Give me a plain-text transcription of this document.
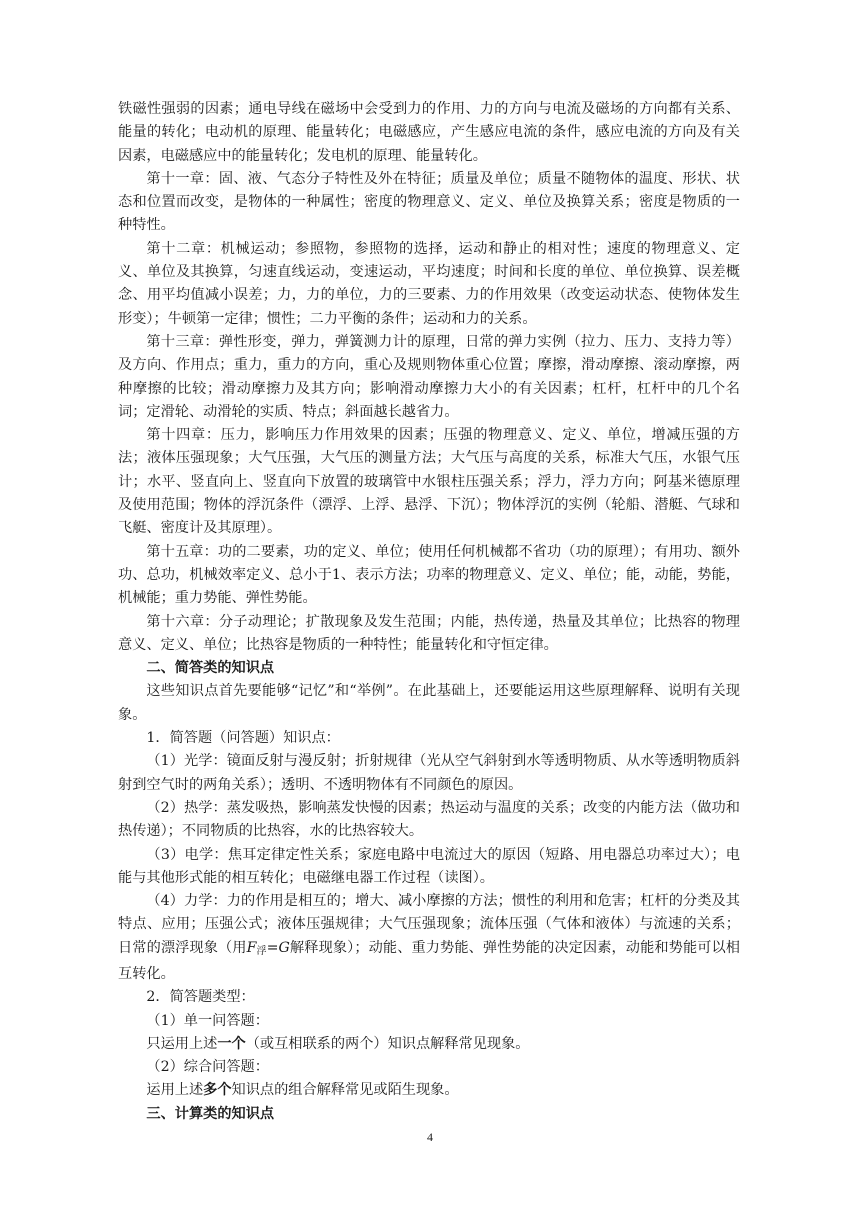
铁磁性强弱的因素；通电导线在磁场中会受到力的作用、力的方向与电流及磁场的方向都有关系、能量的转化；电动机的原理、能量转化；电磁感应，产生感应电流的条件，感应电流的方向及有关因素，电磁感应中的能量转化；发电机的原理、能量转化。

第十一章：固、液、气态分子特性及外在特征；质量及单位；质量不随物体的温度、形状、状态和位置而改变，是物体的一种属性；密度的物理意义、定义、单位及换算关系；密度是物质的一种特性。

第十二章：机械运动；参照物，参照物的选择，运动和静止的相对性；速度的物理意义、定义、单位及其换算，匀速直线运动，变速运动，平均速度；时间和长度的单位、单位换算、误差概念、用平均值减小误差；力，力的单位，力的三要素、力的作用效果（改变运动状态、使物体发生形变）；牛顿第一定律；惯性；二力平衡的条件；运动和力的关系。

第十三章：弹性形变，弹力，弹簧测力计的原理，日常的弹力实例（拉力、压力、支持力等）及方向、作用点；重力，重力的方向，重心及规则物体重心位置；摩擦，滑动摩擦、滚动摩擦，两种摩擦的比较；滑动摩擦力及其方向；影响滑动摩擦力大小的有关因素；杠杆，杠杆中的几个名词；定滑轮、动滑轮的实质、特点；斜面越长越省力。

第十四章：压力，影响压力作用效果的因素；压强的物理意义、定义、单位，增减压强的方法；液体压强现象；大气压强，大气压的测量方法；大气压与高度的关系，标准大气压，水银气压计；水平、竖直向上、竖直向下放置的玻璃管中水银柱压强关系；浮力，浮力方向；阿基米德原理及使用范围；物体的浮沉条件（漂浮、上浮、悬浮、下沉）；物体浮沉的实例（轮船、潜艇、气球和飞艇、密度计及其原理）。

第十五章：功的二要素，功的定义、单位；使用任何机械都不省功（功的原理）；有用功、额外功、总功，机械效率定义、总小于1、表示方法；功率的物理意义、定义、单位；能，动能，势能，机械能；重力势能、弹性势能。

第十六章：分子动理论；扩散现象及发生范围；内能，热传递，热量及其单位；比热容的物理意义、定义、单位；比热容是物质的一种特性；能量转化和守恒定律。

二、简答类的知识点

这些知识点首先要能够“记忆”和“举例”。在此基础上，还要能运用这些原理解释、说明有关现象。

1．简答题（问答题）知识点：

（1）光学：镜面反射与漫反射；折射规律（光从空气斜射到水等透明物质、从水等透明物质斜射到空气时的两角关系）；透明、不透明物体有不同颜色的原因。

（2）热学：蒸发吸热，影响蒸发快慢的因素；热运动与温度的关系；改变的内能方法（做功和热传递）；不同物质的比热容，水的比热容较大。

（3）电学：焦耳定律定性关系；家庭电路中电流过大的原因（短路、用电器总功率过大）；电能与其他形式能的相互转化；电磁继电器工作过程（读图）。

（4）力学：力的作用是相互的；增大、减小摩擦的方法；惯性的利用和危害；杠杆的分类及其特点、应用；压强公式；液体压强规律；大气压强现象；流体压强（气体和液体）与流速的关系；日常的漂浮现象（用$F_浮=G$解释现象）；动能、重力势能、弹性势能的决定因素，动能和势能可以相互转化。

2．简答题类型：

（1）单一问答题：

只运用上述一个（或互相联系的两个）知识点解释常见现象。

（2）综合问答题：

运用上述多个知识点的组合解释常见或陌生现象。

三、计算类的知识点

4
